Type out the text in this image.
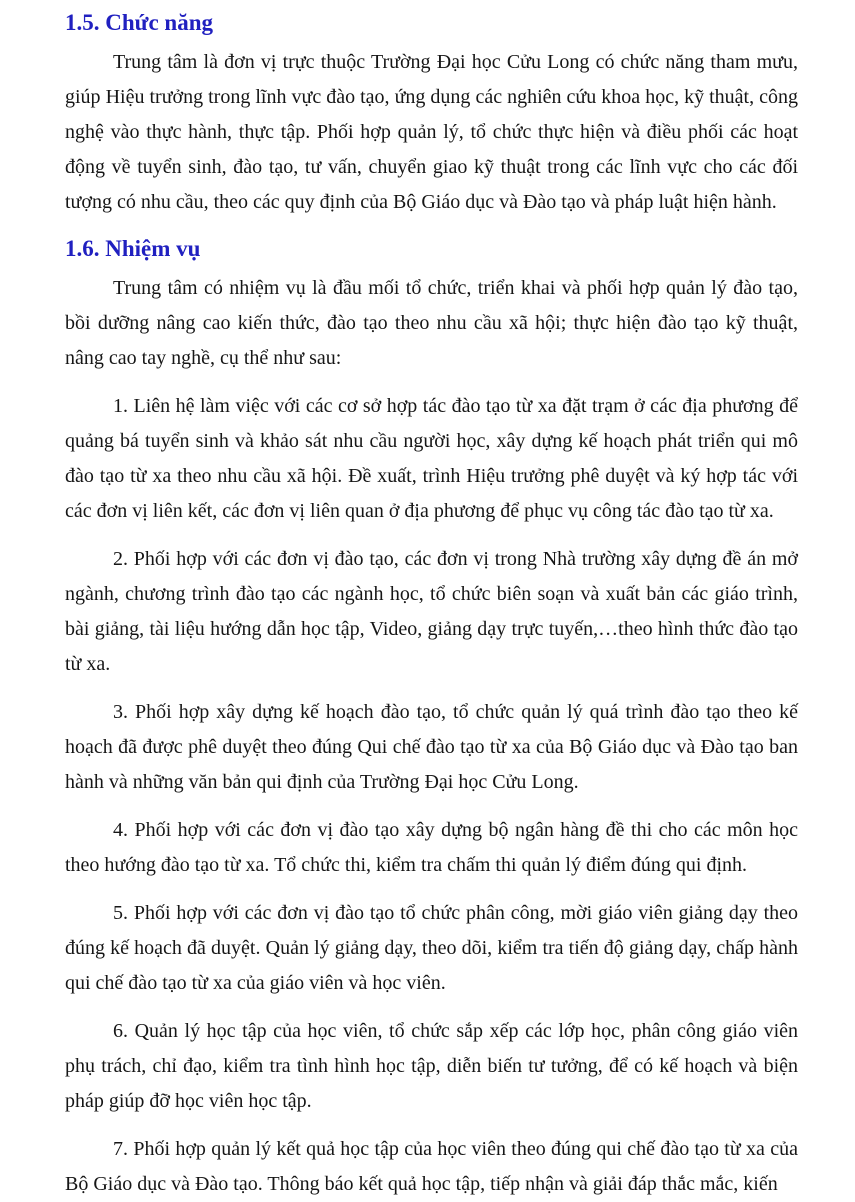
1.5. Chức năng

Trung tâm là đơn vị trực thuộc Trường Đại học Cửu Long có chức năng tham mưu, giúp Hiệu trưởng trong lĩnh vực đào tạo, ứng dụng các nghiên cứu khoa học, kỹ thuật, công nghệ vào thực hành, thực tập. Phối hợp quản lý, tổ chức thực hiện và điều phối các hoạt động về tuyển sinh, đào tạo, tư vấn, chuyển giao kỹ thuật trong các lĩnh vực cho các đối tượng có nhu cầu, theo các quy định của Bộ Giáo dục và Đào tạo và pháp luật hiện hành.

1.6. Nhiệm vụ

Trung tâm có nhiệm vụ là đầu mối tổ chức, triển khai và phối hợp quản lý đào tạo, bồi dưỡng nâng cao kiến thức, đào tạo theo nhu cầu xã hội; thực hiện đào tạo kỹ thuật, nâng cao tay nghề, cụ thể như sau:

1. Liên hệ làm việc với các cơ sở hợp tác đào tạo từ xa đặt trạm ở các địa phương để quảng bá tuyển sinh và khảo sát nhu cầu người học, xây dựng kế hoạch phát triển qui mô đào tạo từ xa theo nhu cầu xã hội. Đề xuất, trình Hiệu trưởng phê duyệt và ký hợp tác với các đơn vị liên kết, các đơn vị liên quan ở địa phương để phục vụ công tác đào tạo từ xa.

2. Phối hợp với các đơn vị đào tạo, các đơn vị trong Nhà trường xây dựng đề án mở ngành, chương trình đào tạo các ngành học, tổ chức biên soạn và xuất bản các giáo trình, bài giảng, tài liệu hướng dẫn học tập, Video, giảng dạy trực tuyến,…theo hình thức đào tạo từ xa.

3. Phối hợp xây dựng kế hoạch đào tạo, tổ chức quản lý quá trình đào tạo theo kế hoạch đã được phê duyệt theo đúng Qui chế đào tạo từ xa của Bộ Giáo dục và Đào tạo ban hành và những văn bản qui định của Trường Đại học Cửu Long.

4. Phối hợp với các đơn vị đào tạo xây dựng bộ ngân hàng đề thi cho các môn học theo hướng đào tạo từ xa. Tổ chức thi, kiểm tra chấm thi quản lý điểm đúng qui định.

5. Phối hợp với các đơn vị đào tạo tổ chức phân công, mời giáo viên giảng dạy theo đúng kế hoạch đã duyệt. Quản lý giảng dạy, theo dõi, kiểm tra tiến độ giảng dạy, chấp hành qui chế đào tạo từ xa của giáo viên và học viên.

6. Quản lý học tập của học viên, tổ chức sắp xếp các lớp học, phân công giáo viên phụ trách, chỉ đạo, kiểm tra tình hình học tập, diễn biến tư tưởng, để có kế hoạch và biện pháp giúp đỡ học viên học tập.

7. Phối hợp quản lý kết quả học tập của học viên theo đúng qui chế đào tạo từ xa của Bộ Giáo dục và Đào tạo. Thông báo kết quả học tập, tiếp nhận và giải đáp thắc mắc, kiến
